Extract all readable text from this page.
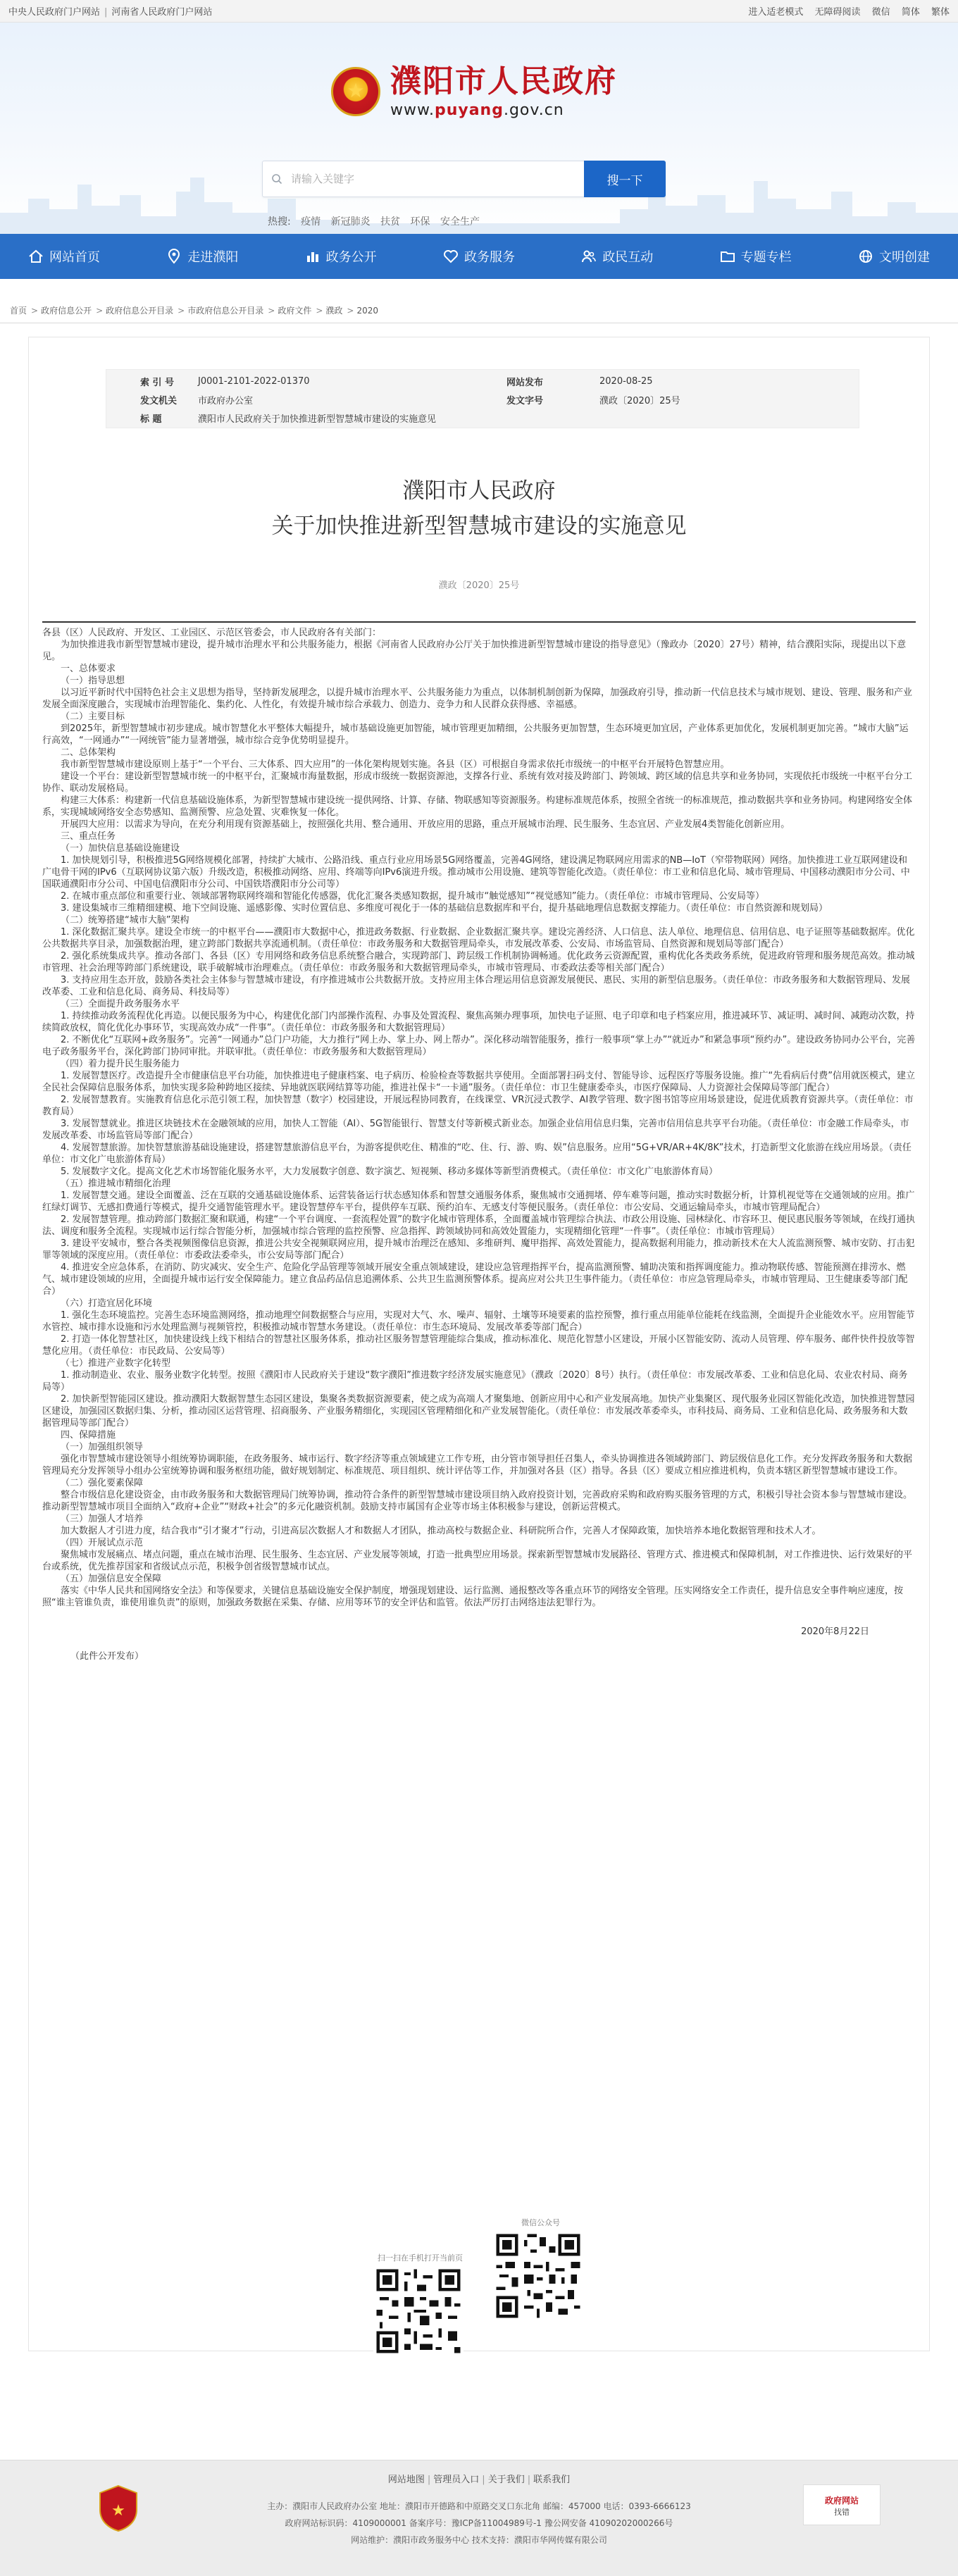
中央人民政府门户网站 | 河南省人民政府门户网站	进入适老模式 无障碍阅读 微信 简体 繁体
★
濮阳市人民政府
www.puyang.gov.cn
请输入关键字
搜一下
热搜: 疫情 新冠肺炎 扶贫 环保 安全生产
网站首页	走进濮阳	政务公开	政务服务	政民互动	专题专栏	文明创建
首页 > 政府信息公开 > 政府信息公开目录 > 市政府信息公开目录 > 政府文件 > 濮政 > 2020
索 引 号	J0001-2101-2022-01370	网站发布	2020-08-25
发文机关 市政府办公室	发文字号	濮政〔2020〕25号
标 题	濮阳市人民政府关于加快推进新型智慧城市建设的实施意见
濮阳市人民政府
关于加快推进新型智慧城市建设的实施意见
濮政〔2020〕25号

各县（区）人民政府、开发区、工业园区、示范区管委会，市人民政府各有关部门：

为加快推进我市新型智慧城市建设，提升城市治理水平和公共服务能力，根据《河南省人民政府办公厅关于加快推进新型智慧城市建设的指导意见》（豫政办〔2020〕27号）精神，结合濮阳实际，现提出以下意见。

一、总体要求

（一）指导思想

以习近平新时代中国特色社会主义思想为指导，坚持新发展理念，以提升城市治理水平、公共服务能力为重点，以体制机制创新为保障，加强政府引导，推动新一代信息技术与城市规划、建设、管理、服务和产业发展全面深度融合，实现城市治理智能化、集约化、人性化，有效提升城市综合承载力、创造力、竞争力和人民群众获得感、幸福感。

（二）主要目标

到2025年，新型智慧城市初步建成。城市智慧化水平整体大幅提升，城市基础设施更加智能，城市管理更加精细，公共服务更加智慧，生态环境更加宜居，产业体系更加优化，发展机制更加完善。“城市大脑”运行高效，“一网通办”“一网统管”能力显著增强，城市综合竞争优势明显提升。

二、总体架构

我市新型智慧城市建设原则上基于“一个平台、三大体系、四大应用”的一体化架构规划实施。各县（区）可根据自身需求依托市级统一的中枢平台开展特色智慧应用。

建设一个平台：建设新型智慧城市统一的中枢平台，汇聚城市海量数据，形成市级统一数据资源池，支撑各行业、系统有效对接及跨部门、跨领域、跨区域的信息共享和业务协同，实现依托市级统一中枢平台分工协作、联动发展格局。

构建三大体系：构建新一代信息基础设施体系，为新型智慧城市建设统一提供网络、计算、存储、物联感知等资源服务。构建标准规范体系，按照全省统一的标准规范，推动数据共享和业务协同。构建网络安全体系，实现城域网络安全态势感知、监测预警、应急处置、灾难恢复一体化。

开展四大应用：以需求为导向，在充分利用现有资源基础上，按照强化共用、整合通用、开放应用的思路，重点开展城市治理、民生服务、生态宜居、产业发展4类智能化创新应用。

三、重点任务

（一）加快信息基础设施建设

1. 加快规划引导，积极推进5G网络规模化部署，持续扩大城市、公路沿线、重点行业应用场景5G网络覆盖，完善4G网络，建设满足物联网应用需求的NB—IoT（窄带物联网）网络。加快推进工业互联网建设和广电骨干网的IPv6（互联网协议第六版）升级改造，积极推动网络、应用、终端等向IPv6演进升级。推动城市公用设施、建筑等智能化改造。（责任单位：市工业和信息化局、城市管理局、中国移动濮阳市分公司、中国联通濮阳市分公司、中国电信濮阳市分公司、中国铁塔濮阳市分公司等）

2. 在城市重点部位和重要行业、领域部署物联网终端和智能化传感器，优化汇聚各类感知数据，提升城市“触觉感知”“视觉感知”能力。（责任单位：市城市管理局、公安局等）

3. 建设集城市三维精细建模、地下空间设施、遥感影像、实时位置信息、多维度可视化于一体的基础信息数据库和平台，提升基础地理信息数据支撑能力。（责任单位：市自然资源和规划局）

（二）统筹搭建“城市大脑”架构

1. 深化数据汇聚共享。建设全市统一的中枢平台——濮阳市大数据中心，推进政务数据、行业数据、企业数据汇聚共享。建设完善经济、人口信息、法人单位、地理信息、信用信息、电子证照等基础数据库。优化公共数据共享目录，加强数据治理，建立跨部门数据共享流通机制。（责任单位：市政务服务和大数据管理局牵头，市发展改革委、公安局、市场监管局、自然资源和规划局等部门配合）

2. 强化系统集成共享。推动各部门、各县（区）专用网络和政务信息系统整合融合，实现跨部门、跨层级工作机制协调畅通。优化政务云资源配置，重构优化各类政务系统，促进政府管理和服务规范高效。推动城市管理、社会治理等跨部门系统建设，联手破解城市治理难点。（责任单位：市政务服务和大数据管理局牵头，市城市管理局、市委政法委等相关部门配合）

3. 支持应用生态开放，鼓励各类社会主体参与智慧城市建设，有序推进城市公共数据开放。支持应用主体合理运用信息资源发展便民、惠民、实用的新型信息服务。（责任单位：市政务服务和大数据管理局、发展改革委、工业和信息化局、商务局、科技局等）

（三）全面提升政务服务水平

1. 持续推动政务流程优化再造。以便民服务为中心，构建优化部门内部操作流程、办事及处置流程、聚焦高频办理事项，加快电子证照、电子印章和电子档案应用，推进减环节、减证明、减时间、减跑动次数，持续简政放权，简化优化办事环节，实现高效办成“一件事”。（责任单位：市政务服务和大数据管理局）

2. 不断优化“互联网+政务服务”。完善“一网通办”总门户功能，大力推行“网上办、掌上办、网上帮办”。深化移动端智能服务，推行一般事项“掌上办”“就近办”和紧急事项“预约办”。建设政务协同办公平台，完善电子政务服务平台，深化跨部门协同审批。并联审批。（责任单位：市政务服务和大数据管理局）

（四）着力提升民生服务能力

1. 发展智慧医疗。改造提升全市健康信息平台功能，加快推进电子健康档案、电子病历、检验检查等数据共享使用。全面部署扫码支付、智能导诊、远程医疗等服务设施。推广“先看病后付费”信用就医模式，建立全民社会保障信息服务体系，加快实现多险种跨地区接续、异地就医联网结算等功能，推进社保卡“一卡通”服务。（责任单位：市卫生健康委牵头，市医疗保障局、人力资源社会保障局等部门配合）

2. 发展智慧教育。实施教育信息化示范引领工程，加快智慧（数字）校园建设，开展远程协同教育，在线课堂、VR沉浸式教学、AI教学管理、数字图书馆等应用场景建设，促进优质教育资源共享。（责任单位：市教育局）

3. 发展智慧就业。推进区块链技术在金融领域的应用，加快人工智能（AI）、5G智能银行、智慧支付等新模式新业态。加强企业信用信息归集，完善市信用信息共享平台功能。（责任单位：市金融工作局牵头，市发展改革委、市场监管局等部门配合）

4. 发展智慧旅游。加快智慧旅游基础设施建设，搭建智慧旅游信息平台，为游客提供吃住、精准的“吃、住、行、游、购、娱”信息服务。应用“5G+VR/AR+4K/8K”技术，打造新型文化旅游在线应用场景。（责任单位：市文化广电旅游体育局）

5. 发展数字文化。提高文化艺术市场智能化服务水平，大力发展数字创意、数字演艺、短视频、移动多媒体等新型消费模式。（责任单位：市文化广电旅游体育局）

（五）推进城市精细化治理

1. 发展智慧交通。建设全面覆盖、泛在互联的交通基础设施体系、运营装备运行状态感知体系和智慧交通服务体系，聚焦城市交通拥堵、停车难等问题，推动实时数据分析，计算机视觉等在交通领域的应用。推广红绿灯调节、无感扣费通行等模式，提升交通智能管理水平。建设智慧停车平台，提供停车互联、预约泊车、无感支付等便民服务。（责任单位：市公安局、交通运输局牵头，市城市管理局配合）

2. 发展智慧管理。推动跨部门数据汇聚和联通，构建“一个平台调度、一套流程处置”的数字化城市管理体系，全面覆盖城市管理综合执法、市政公用设施、园林绿化、市容环卫、便民惠民服务等领域，在线打通执法、调度和服务全流程。实现城市运行综合智能分析，加强城市综合管理的监控预警、应急指挥、跨领域协同和高效处置能力，实现精细化管理“一件事”。（责任单位：市城市管理局）

3. 建设平安城市，整合各类视频图像信息资源，推进公共安全视频联网应用，提升城市治理泛在感知、多维研判、魔甲指挥、高效处置能力，提高数据利用能力，推动新技术在大人流监测预警、城市安防、打击犯罪等领域的深度应用。（责任单位：市委政法委牵头，市公安局等部门配合）

4. 推进安全应急体系，在消防、防灾减灾、安全生产、危险化学品管理等领域开展安全重点领域建设，建设应急管理指挥平台，提高监测预警、辅助决策和指挥调度能力。推动物联传感、智能预测在排涝水、燃气、城市建设领域的应用，全面提升城市运行安全保障能力。建立食品药品信息追溯体系、公共卫生监测预警体系。提高应对公共卫生事件能力。（责任单位：市应急管理局牵头，市城市管理局、卫生健康委等部门配合）

（六）打造宜居化环境

1. 强化生态环境监控。完善生态环境监测网络，推动地理空间数据整合与应用，实现对大气、水、噪声、辐射、土壤等环境要素的监控预警，推行重点用能单位能耗在线监测，全面提升企业能效水平。应用智能节水管控、城市排水设施和污水处理监测与视频管控，积极推动城市智慧水务建设。（责任单位：市生态环境局、发展改革委等部门配合）

2. 打造一体化智慧社区，加快建设线上线下相结合的智慧社区服务体系，推动社区服务智慧管理能综合集成，推动标准化、规范化智慧小区建设，开展小区智能安防、流动人员管理、停车服务、邮件快件投放等智慧化应用。（责任单位：市民政局、公安局等）

（七）推进产业数字化转型

1. 推动制造业、农业、服务业数字化转型。按照《濮阳市人民政府关于建设“数字濮阳”推进数字经济发展实施意见》（濮政〔2020〕8号）执行。（责任单位：市发展改革委、工业和信息化局、农业农村局、商务局等）

2. 加快新型智能园区建设。推动濮阳大数据智慧生态园区建设，集聚各类数据资源要素，使之成为高端人才聚集地、创新应用中心和产业发展高地。加快产业集聚区、现代服务业园区智能化改造，加快推进智慧园区建设，加强园区数据归集、分析，推动园区运营管理、招商服务、产业服务精细化，实现园区管理精细化和产业发展智能化。（责任单位：市发展改革委牵头，市科技局、商务局、工业和信息化局、政务服务和大数据管理局等部门配合）

四、保障措施

（一）加强组织领导

强化市智慧城市建设领导小组统筹协调职能，在政务服务、城市运行、数字经济等重点领域建立工作专班，由分管市领导担任召集人，牵头协调推进各领域跨部门、跨层级信息化工作。充分发挥政务服务和大数据管理局充分发挥领导小组办公室统筹协调和服务枢纽功能，做好规划制定、标准规范、项目组织、统计评估等工作，并加强对各县（区）指导。各县（区）要成立相应推进机构，负责本辖区新型智慧城市建设工作。

（二）强化要素保障

整合市级信息化建设资金，由市政务服务和大数据管理局门统筹协调，推动符合条件的新型智慧城市建设项目纳入政府投资计划，完善政府采购和政府购买服务管理的方式，积极引导社会资本参与智慧城市建设。推动新型智慧城市项目全面纳入“政府+企业”“财政+社会”的多元化融资机制。鼓励支持市属国有企业等市场主体积极参与建设，创新运营模式。

（三）加强人才培养

加大数据人才引进力度，结合我市“引才聚才”行动，引进高层次数据人才和数据人才团队，推动高校与数据企业、科研院所合作，完善人才保障政策，加快培养本地化数据管理和技术人才。

（四）开展试点示范

聚焦城市发展痛点、堵点问题，重点在城市治理、民生服务、生态宜居、产业发展等领域，打造一批典型应用场景。探索新型智慧城市发展路径、管理方式、推进模式和保障机制，对工作推进快、运行效果好的平台或系统，优先推荐国家和省级试点示范，积极争创省级智慧城市试点。

（五）加强信息安全保障

落实《中华人民共和国网络安全法》和等保要求，关键信息基础设施安全保护制度，增强现划建设、运行监测、通报整改等各重点环节的网络安全管理。压实网络安全工作责任，提升信息安全事件响应速度，按照“谁主管谁负责，谁使用谁负责”的原则，加强政务数据在采集、存储、应用等环节的安全评估和监管。依法严厉打击网络违法犯罪行为。

2020年8月22日

（此件公开发布）

扫一扫在手机打开当前页
微信公众号
网站地图 | 管理员入口 | 关于我们 | 联系我们
★	主办：濮阳市人民政府办公室 地址：濮阳市开德路和中原路交叉口东北角 邮编：457000 电话：0393-6666123
政府网站标识码：4109000001 备案序号：豫ICP备11004989号-1 豫公网安备 41090202000266号
网站维护：濮阳市政务服务中心 技术支持：濮阳市华网传媒有限公司
政府网站
找错
